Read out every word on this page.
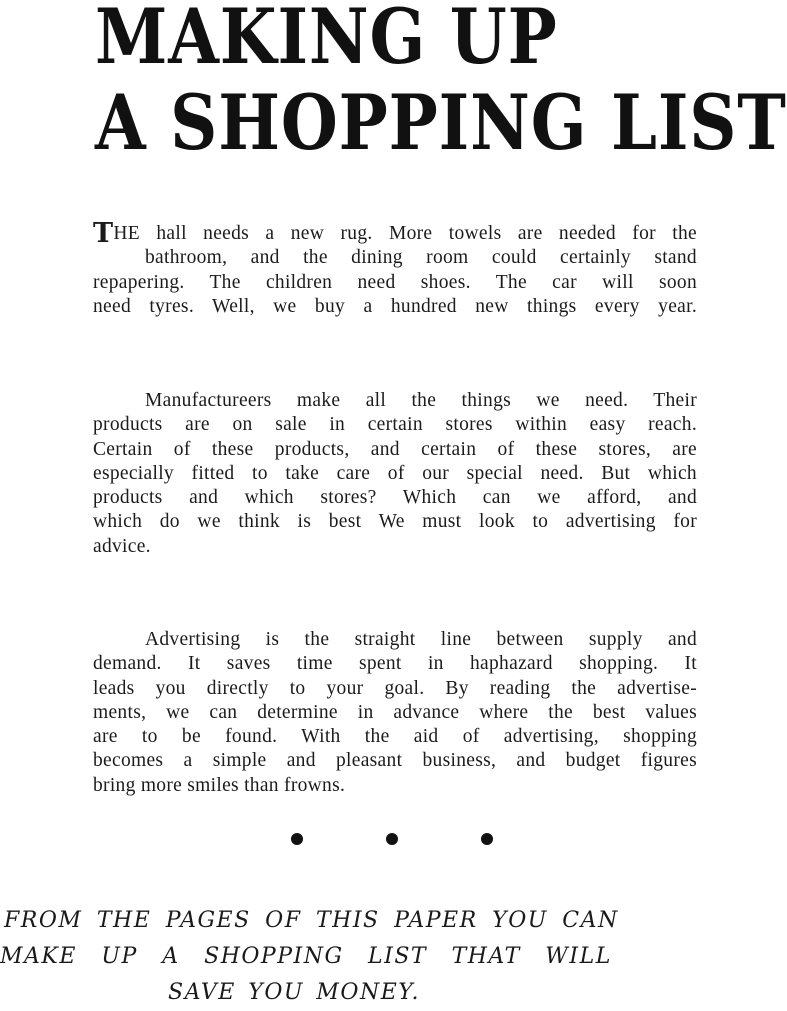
MAKING UP
A SHOPPING LIST
THE hall needs a new rug. More towels are needed for the
bathroom, and the dining room could certainly stand
repapering. The children need shoes. The car will soon
need tyres. Well, we buy a hundred new things every year.
Manufactureers make all the things we need. Their
products are on sale in certain stores within easy reach.
Certain of these products, and certain of these stores, are
especially fitted to take care of our special need. But which
products and which stores? Which can we afford, and
which do we think is best We must look to advertising for
advice.
Advertising is the straight line between supply and
demand. It saves time spent in haphazard shopping. It
leads you directly to your goal. By reading the advertise-
ments, we can determine in advance where the best values
are to be found. With the aid of advertising, shopping
becomes a simple and pleasant business, and budget figures
bring more smiles than frowns.
FROM THE PAGES OF THIS PAPER YOU CAN
MAKE UP A SHOPPING LIST THAT WILL
SAVE YOU MONEY.
